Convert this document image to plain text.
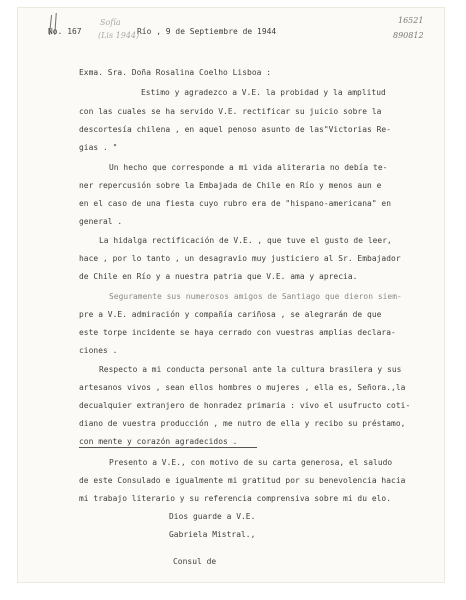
Sofía
(Lis 1944)
16521
890812
No. 167	Río , 9 de Septiembre de 1944
Exma. Sra. Doña Rosalina Coelho Lisboa :
Estimo y agradezco a V.E. la probidad y la amplitud
con las cuales se ha servido V.E. rectificar su juicio sobre la
descortesía chilena , en aquel penoso asunto de las"Victorias Re-
gias . "
Un hecho que corresponde a mi vida aliteraria no debía te-
ner repercusión sobre la Embajada de Chile en Río y menos aun e
en el caso de una fiesta cuyo rubro era de "hispano-americana" en
general .
La hidalga rectificación de V.E. , que tuve el gusto de leer,
hace , por lo tanto , un desagravio muy justiciero al Sr. Embajador
de Chile en Río y a nuestra patria que V.E. ama y aprecia.
Seguramente sus numerosos amigos de Santiago que dieron siem-
pre a V.E. admiración y compañía cariñosa , se alegrarán de que
este torpe incidente se haya cerrado con vuestras amplias declara-
ciones .
Respecto a mi conducta personal ante la cultura brasilera y sus
artesanos vivos , sean ellos hombres o mujeres , ella es, Señora.,la
decualquier extranjero de honradez primaria : vivo el usufructo coti-
diano de vuestra producción , me nutro de ella y recibo su préstamo,
con mente y corazón agradecidos .
Presento a V.E., con motivo de su carta generosa, el saludo
de este Consulado e igualmente mi gratitud por su benevolencia hacia
mi trabajo literario y su referencia comprensiva sobre mi du elo.
Dios guarde a V.E.
Gabriela Mistral.,
Consul de
